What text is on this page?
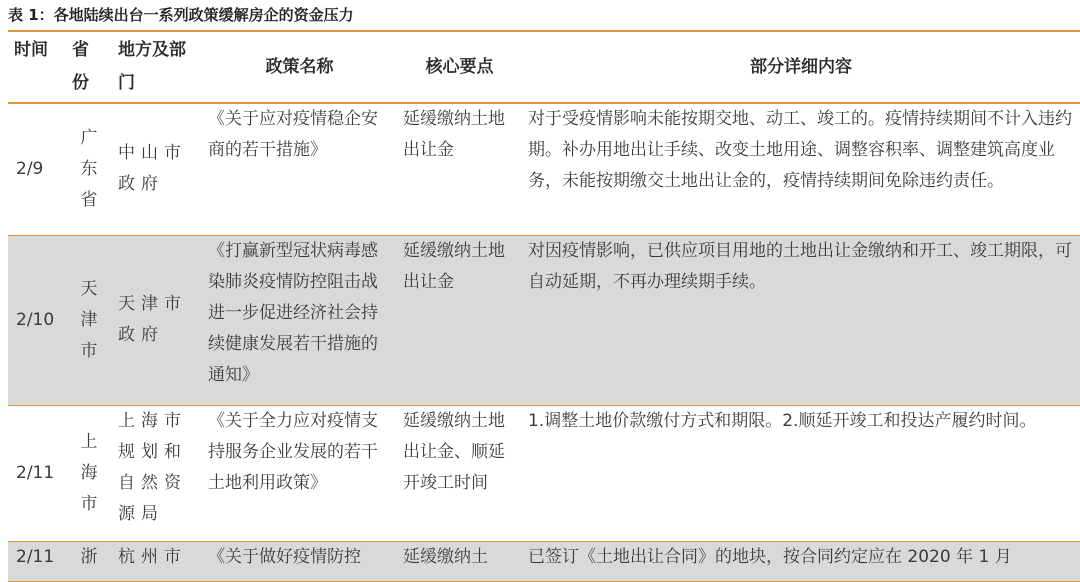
表 1：各地陆续出台一系列政策缓解房企的资金压力
时间	省份	地方及部门	政策名称	核心要点	部分详细内容
2/9	广东省	中山市政府	《关于应对疫情稳企安商的若干措施》	延缓缴纳土地出让金	对于受疫情影响未能按期交地、动工、竣工的。疫情持续期间不计入违约期。补办用地出让手续、改变土地用途、调整容积率、调整建筑高度业务，未能按期缴交土地出让金的，疫情持续期间免除违约责任。

2/10	天津市	天津市政府	《打赢新型冠状病毒感染肺炎疫情防控阻击战进一步促进经济社会持续健康发展若干措施的通知》	延缓缴纳土地出让金	对因疫情影响，已供应项目用地的土地出让金缴纳和开工、竣工期限，可自动延期，不再办理续期手续。

2/11	上海市	上海市规划和自然资源局	《关于全力应对疫情支持服务企业发展的若干土地利用政策》	延缓缴纳土地出让金、顺延开竣工时间	1.调整土地价款缴付方式和期限。2.顺延开竣工和投达产履约时间。

2/11	浙	杭州市	《关于做好疫情防控	延缓缴纳土	已签订《土地出让合同》的地块，按合同约定应在 2020 年 1 月
